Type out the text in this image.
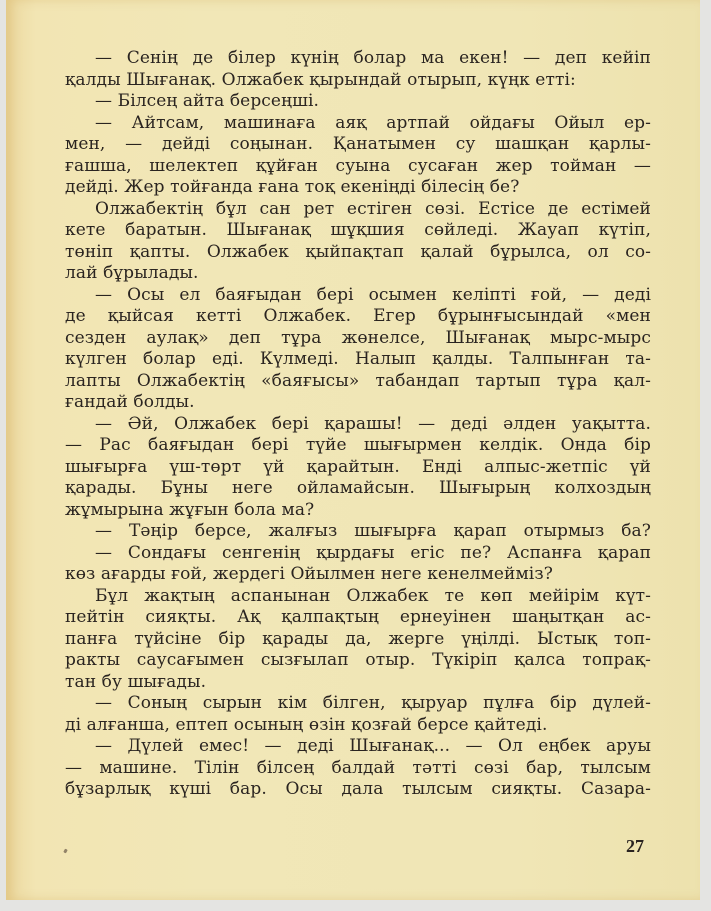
— Сенің де білер күнің болар ма екен! — деп кейіп
қалды Шығанақ. Олжабек қырындай отырып, күңк етті:
— Білсең айта берсеңші.
— Айтсам, машинаға аяқ артпай ойдағы Ойыл ер-
мен, — дейді соңынан. Қанатымен су шашқан қарлы-
ғашша, шелектеп құйған суына сусаған жер тойман —
дейді. Жер тойғанда ғана тоқ екеніңді білесің бе?
Олжабектің бұл сан рет естіген сөзі. Естісе де естімей
кете баратын. Шығанақ шұқшия сөйледі. Жауап күтіп,
төніп қапты. Олжабек қыйпақтап қалай бұрылса, ол со-
лай бұрылады.
— Осы ел баяғыдан бері осымен келіпті ғой, — деді
де қыйсая кетті Олжабек. Егер бұрынғысындай «мен
сезден аулақ» деп тұра жөнелсе, Шығанақ мырс-мырс
күлген болар еді. Күлмеді. Налып қалды. Талпынған та-
лапты Олжабектің «баяғысы» табандап тартып тұра қал-
ғандай болды.
— Әй, Олжабек бері қарашы! — деді әлден уақытта.
— Рас баяғыдан бері түйе шығырмен келдік. Онда бір
шығырға үш-төрт үй қарайтын. Енді алпыс-жетпіс үй
қарады. Бұны неге ойламайсын. Шығырың колхоздың
жұмырына жұғын бола ма?
— Тәңір берсе, жалғыз шығырға қарап отырмыз ба?
— Сондағы сенгенің қырдағы егіс пе? Аспанға қарап
көз ағарды ғой, жердегі Ойылмен неге кенелмейміз?
Бұл жақтың аспанынан Олжабек те көп мейірім күт-
пейтін сияқты. Ақ қалпақтың ернеуінен шаңытқан ас-
панға түйсіне бір қарады да, жерге үңілді. Ыстық топ-
ракты саусағымен сызғылап отыр. Түкіріп қалса топрақ-
тан бу шығады.
— Соның сырын кім білген, қыруар пұлға бір дүлей-
ді алғанша, ептеп осының өзін қозғай берсе қайтеді.
— Дүлей емес! — деді Шығанақ... — Ол еңбек аруы
— машине. Тілін білсең балдай тәтті сөзі бар, тылсым
бұзарлық күші бар. Осы дала тылсым сияқты. Сазара-
27
